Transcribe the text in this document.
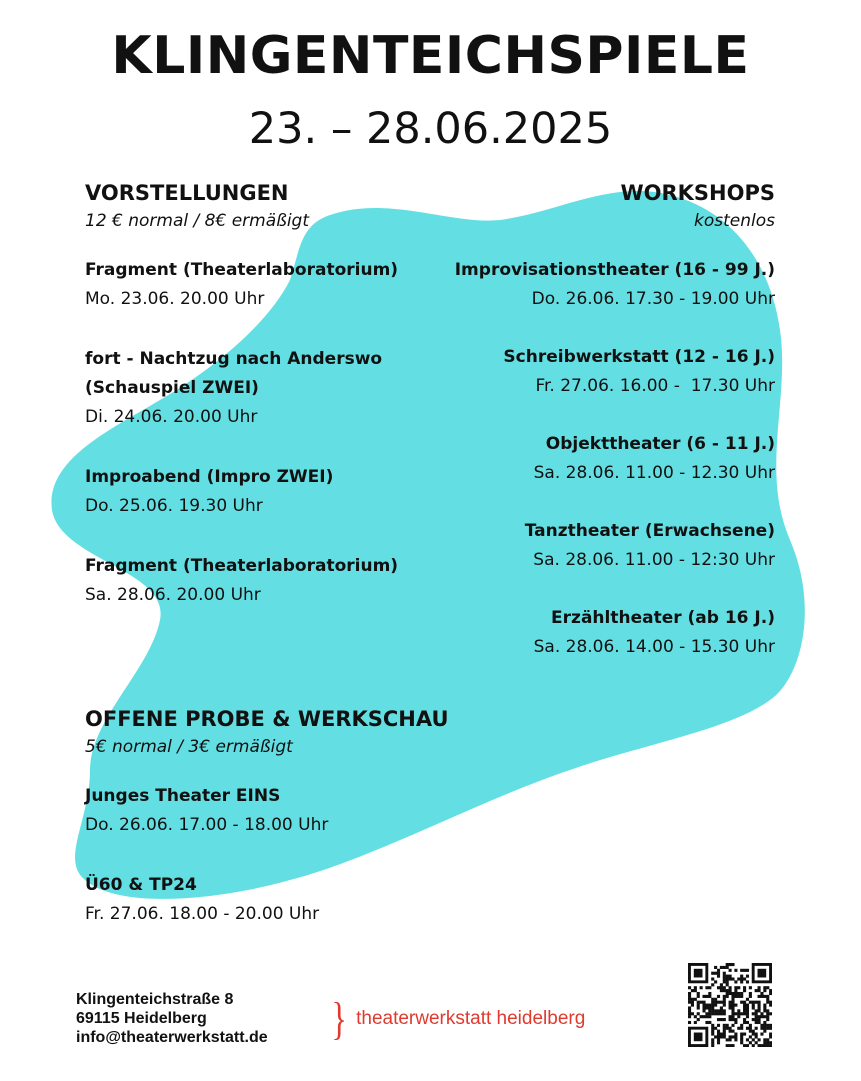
KLINGENTEICHSPIELE
23. – 28.06.2025
VORSTELLUNGEN
12 € normal / 8€ ermäßigt
Fragment (Theaterlaboratorium)
Mo. 23.06. 20.00 Uhr
fort - Nachtzug nach Anderswo
(Schauspiel ZWEI)
Di. 24.06. 20.00 Uhr
Improabend (Impro ZWEI)
Do. 25.06. 19.30 Uhr
Fragment (Theaterlaboratorium)
Sa. 28.06. 20.00 Uhr
WORKSHOPS
kostenlos
Improvisationstheater (16 - 99 J.)
Do. 26.06. 17.30 - 19.00 Uhr
Schreibwerkstatt (12 - 16 J.)
Fr. 27.06. 16.00 -  17.30 Uhr
Objekttheater (6 - 11 J.)
Sa. 28.06. 11.00 - 12.30 Uhr
Tanztheater (Erwachsene)
Sa. 28.06. 11.00 - 12:30 Uhr
Erzähltheater (ab 16 J.)
Sa. 28.06. 14.00 - 15.30 Uhr
OFFENE PROBE & WERKSCHAU
5€ normal / 3€ ermäßigt
Junges Theater EINS
Do. 26.06. 17.00 - 18.00 Uhr
Ü60 & TP24
Fr. 27.06. 18.00 - 20.00 Uhr
Klingenteichstraße 8
69115 Heidelberg
info@theaterwerkstatt.de } theaterwerkstatt heidelberg
